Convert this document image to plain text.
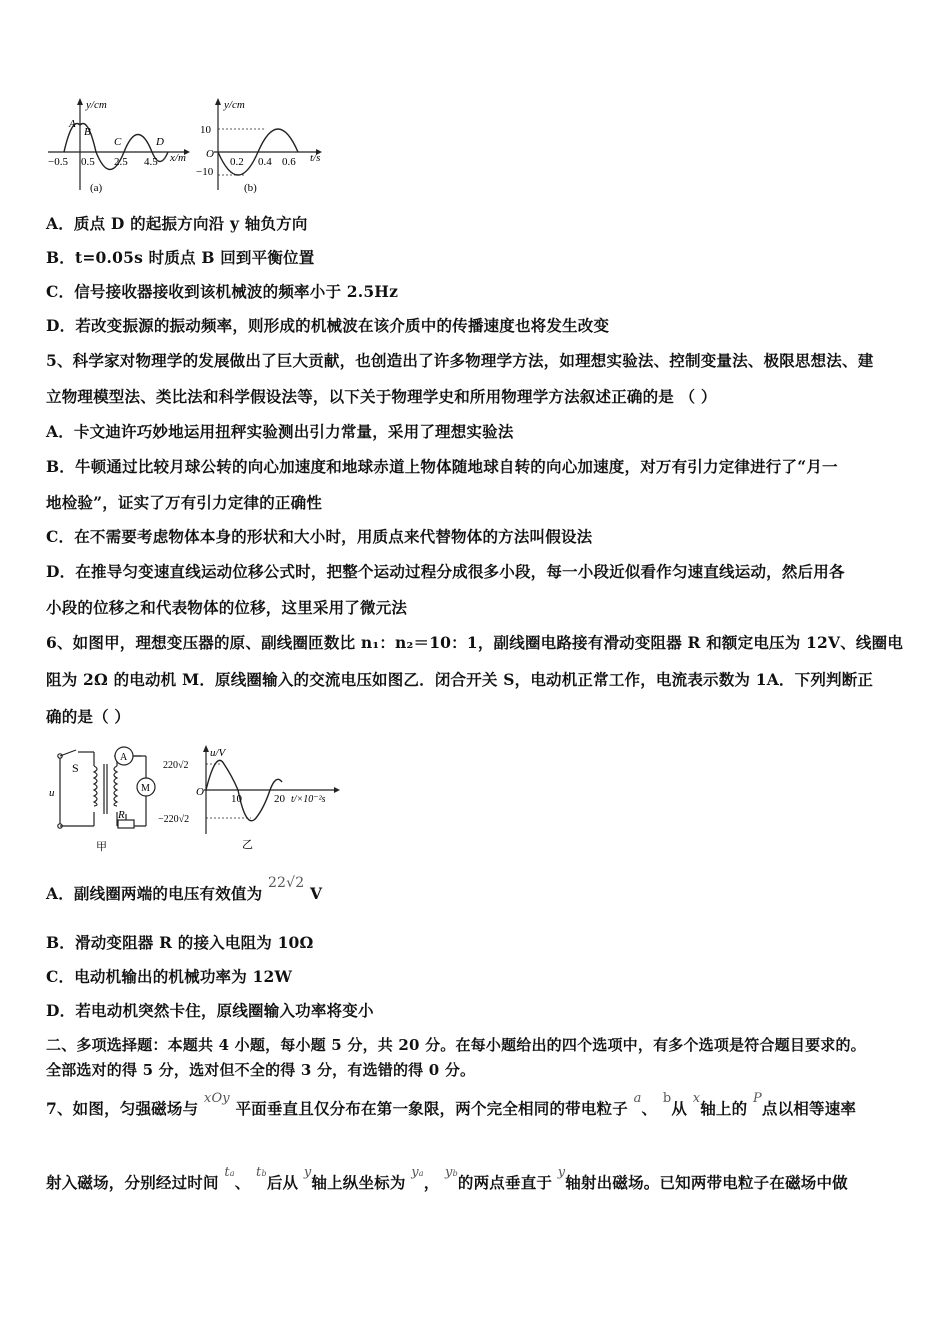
y/cm
x/m
−0.5 0.5 2.5 4.5
A
B
C	D
(a)
y/cm
t/s
10
−10
O
0.2 0.4 0.6
(b)
A．质点 D 的起振方向沿 y 轴负方向
B．t=0.05s 时质点 B 回到平衡位置
C．信号接收器接收到该机械波的频率小于 2.5Hz
D．若改变振源的振动频率，则形成的机械波在该介质中的传播速度也将发生改变
5、科学家对物理学的发展做出了巨大贡献，也创造出了许多物理学方法，如理想实验法、控制变量法、极限思想法、建
立物理模型法、类比法和科学假设法等，以下关于物理学史和所用物理学方法叙述正确的是 （ ）
A．卡文迪许巧妙地运用扭秤实验测出引力常量，采用了理想实验法
B．牛顿通过比较月球公转的向心加速度和地球赤道上物体随地球自转的向心加速度，对万有引力定律进行了“月一
地检验”，证实了万有引力定律的正确性
C．在不需要考虑物体本身的形状和大小时，用质点来代替物体的方法叫假设法
D．在推导匀变速直线运动位移公式时，把整个运动过程分成很多小段，每一小段近似看作匀速直线运动，然后用各
小段的位移之和代表物体的位移，这里采用了微元法
6、如图甲，理想变压器的原、副线圈匝数比 n₁：n₂＝10：1，副线圈电路接有滑动变阻器 R 和额定电压为 12V、线圈电
阻为 2Ω 的电动机 M．原线圈输入的交流电压如图乙．闭合开关 S，电动机正常工作，电流表示数为 1A．下列判断正
确的是（ ）
S
A
M
R
u
甲
u/V
220√2
−220√2
O
10	20 t/×10⁻²s
乙
A．副线圈两端的电压有效值为 22√2 V
B．滑动变阻器 R 的接入电阻为 10Ω
C．电动机输出的机械功率为 12W
D．若电动机突然卡住，原线圈输入功率将变小
二、多项选择题：本题共 4 小题，每小题 5 分，共 20 分。在每小题给出的四个选项中，有多个选项是符合题目要求的。
全部选对的得 5 分，选对但不全的得 3 分，有选错的得 0 分。
7、如图，匀强磁场与 $^{xOy}$ 平面垂直且仅分布在第一象限，两个完全相同的带电粒子 $^a$、 $^b$从 $^x$轴上的 $^P$点以相等速率
射入磁场，分别经过时间 $^{ta}$、 $^{tb}$后从 $^y$轴上纵坐标为 $^{ya}$， $^{yb}$的两点垂直于 $^y$轴射出磁场。已知两带电粒子在磁场中做
